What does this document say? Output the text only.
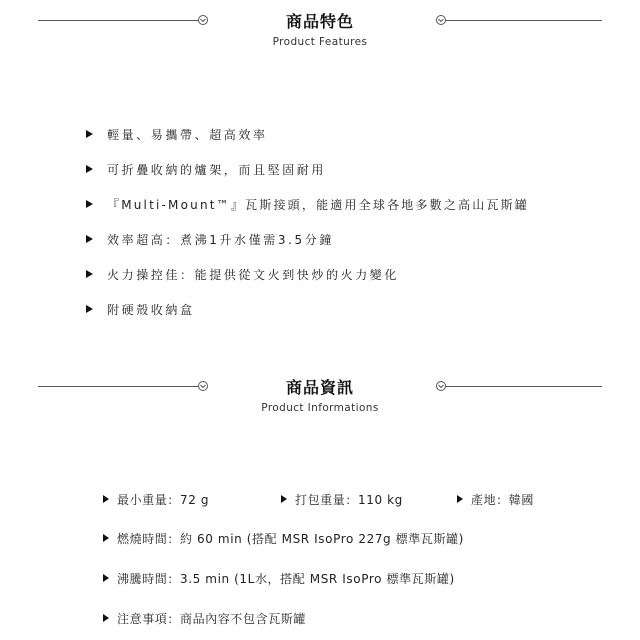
商品特色
Product Features
輕量、易攜帶、超高效率
可折疊收納的爐架，而且堅固耐用
『Multi-Mount™』瓦斯接頭，能適用全球各地多數之高山瓦斯罐
效率超高：煮沸1升水僅需3.5分鐘
火力操控佳：能提供從文火到快炒的火力變化
附硬殼收納盒
商品資訊
Product Informations
最小重量：72 g	打包重量：110 kg	產地：韓國
燃燒時間：約 60 min (搭配 MSR IsoPro 227g 標準瓦斯罐)
沸騰時間：3.5 min (1L水，搭配 MSR IsoPro 標準瓦斯罐)
注意事項：商品內容不包含瓦斯罐
